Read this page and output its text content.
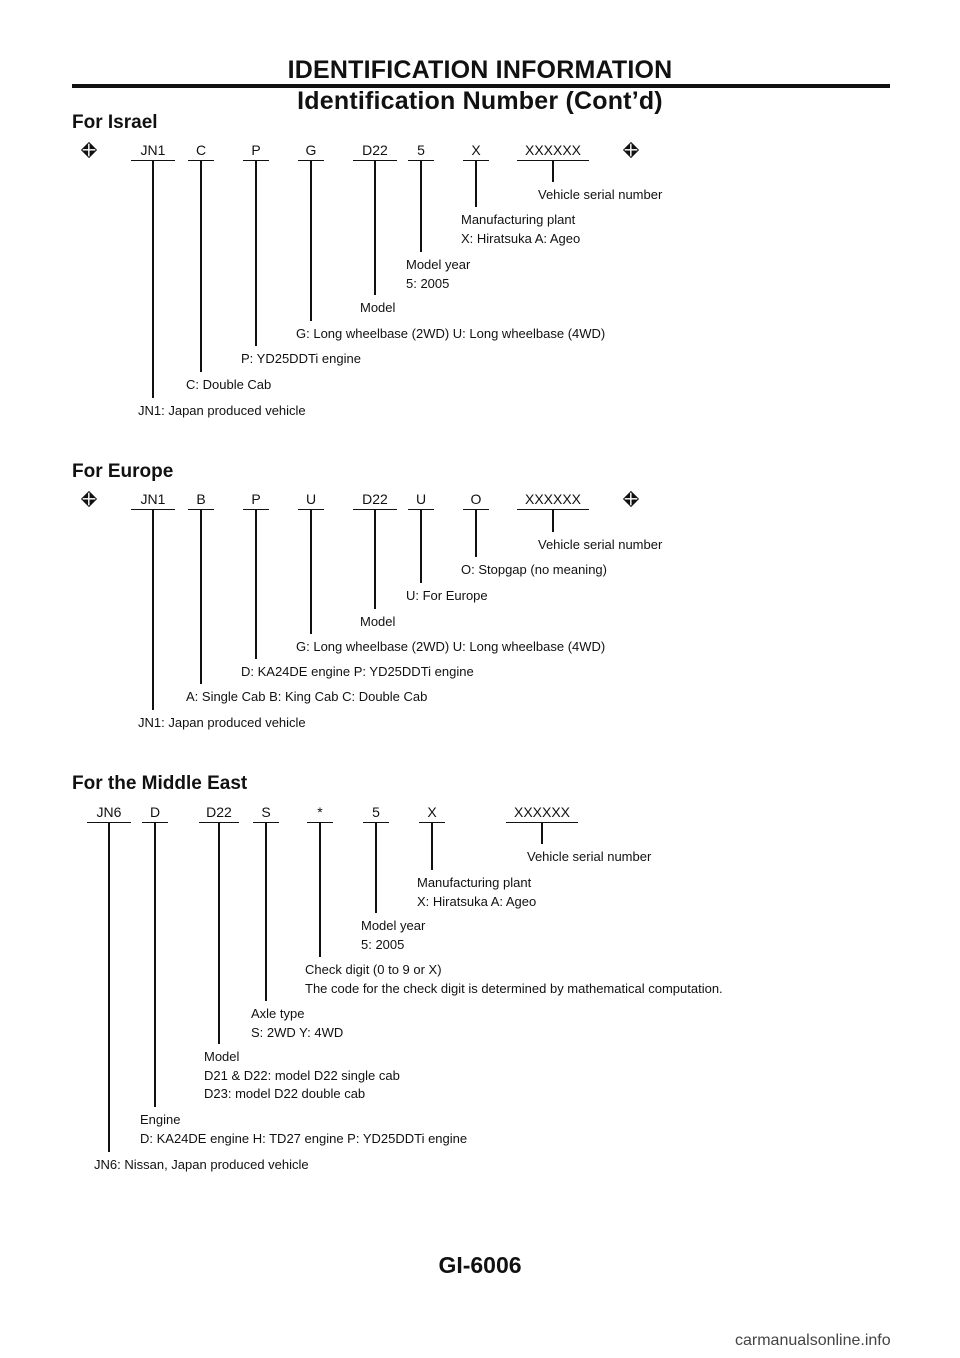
IDENTIFICATION INFORMATION
Identification Number (Cont’d)
For Israel
JN1
JN1: Japan produced vehicle
C
C: Double Cab
P
P: YD25DDTi engine
G
G: Long wheelbase (2WD) U: Long wheelbase (4WD)
D22
Model
5
Model year
5: 2005
X
Manufacturing plant
X: Hiratsuka A: Ageo
XXXXXX
Vehicle serial number
For Europe
JN1
JN1: Japan produced vehicle
B
A: Single Cab B: King Cab C: Double Cab
P
D: KA24DE engine P: YD25DDTi engine
U
G: Long wheelbase (2WD) U: Long wheelbase (4WD)
D22
Model
U
U: For Europe
O
O: Stopgap (no meaning)
XXXXXX
Vehicle serial number
For the Middle East
JN6
JN6: Nissan, Japan produced vehicle
D
Engine
D: KA24DE engine H: TD27 engine P: YD25DDTi engine
D22
Model
D21 & D22: model D22 single cab
D23: model D22 double cab
S
Axle type
S: 2WD Y: 4WD
*
Check digit (0 to 9 or X)
The code for the check digit is determined by mathematical computation.
5
Model year
5: 2005
X
Manufacturing plant
X: Hiratsuka A: Ageo
XXXXXX
Vehicle serial number
GI-6006
carmanualsonline.info
